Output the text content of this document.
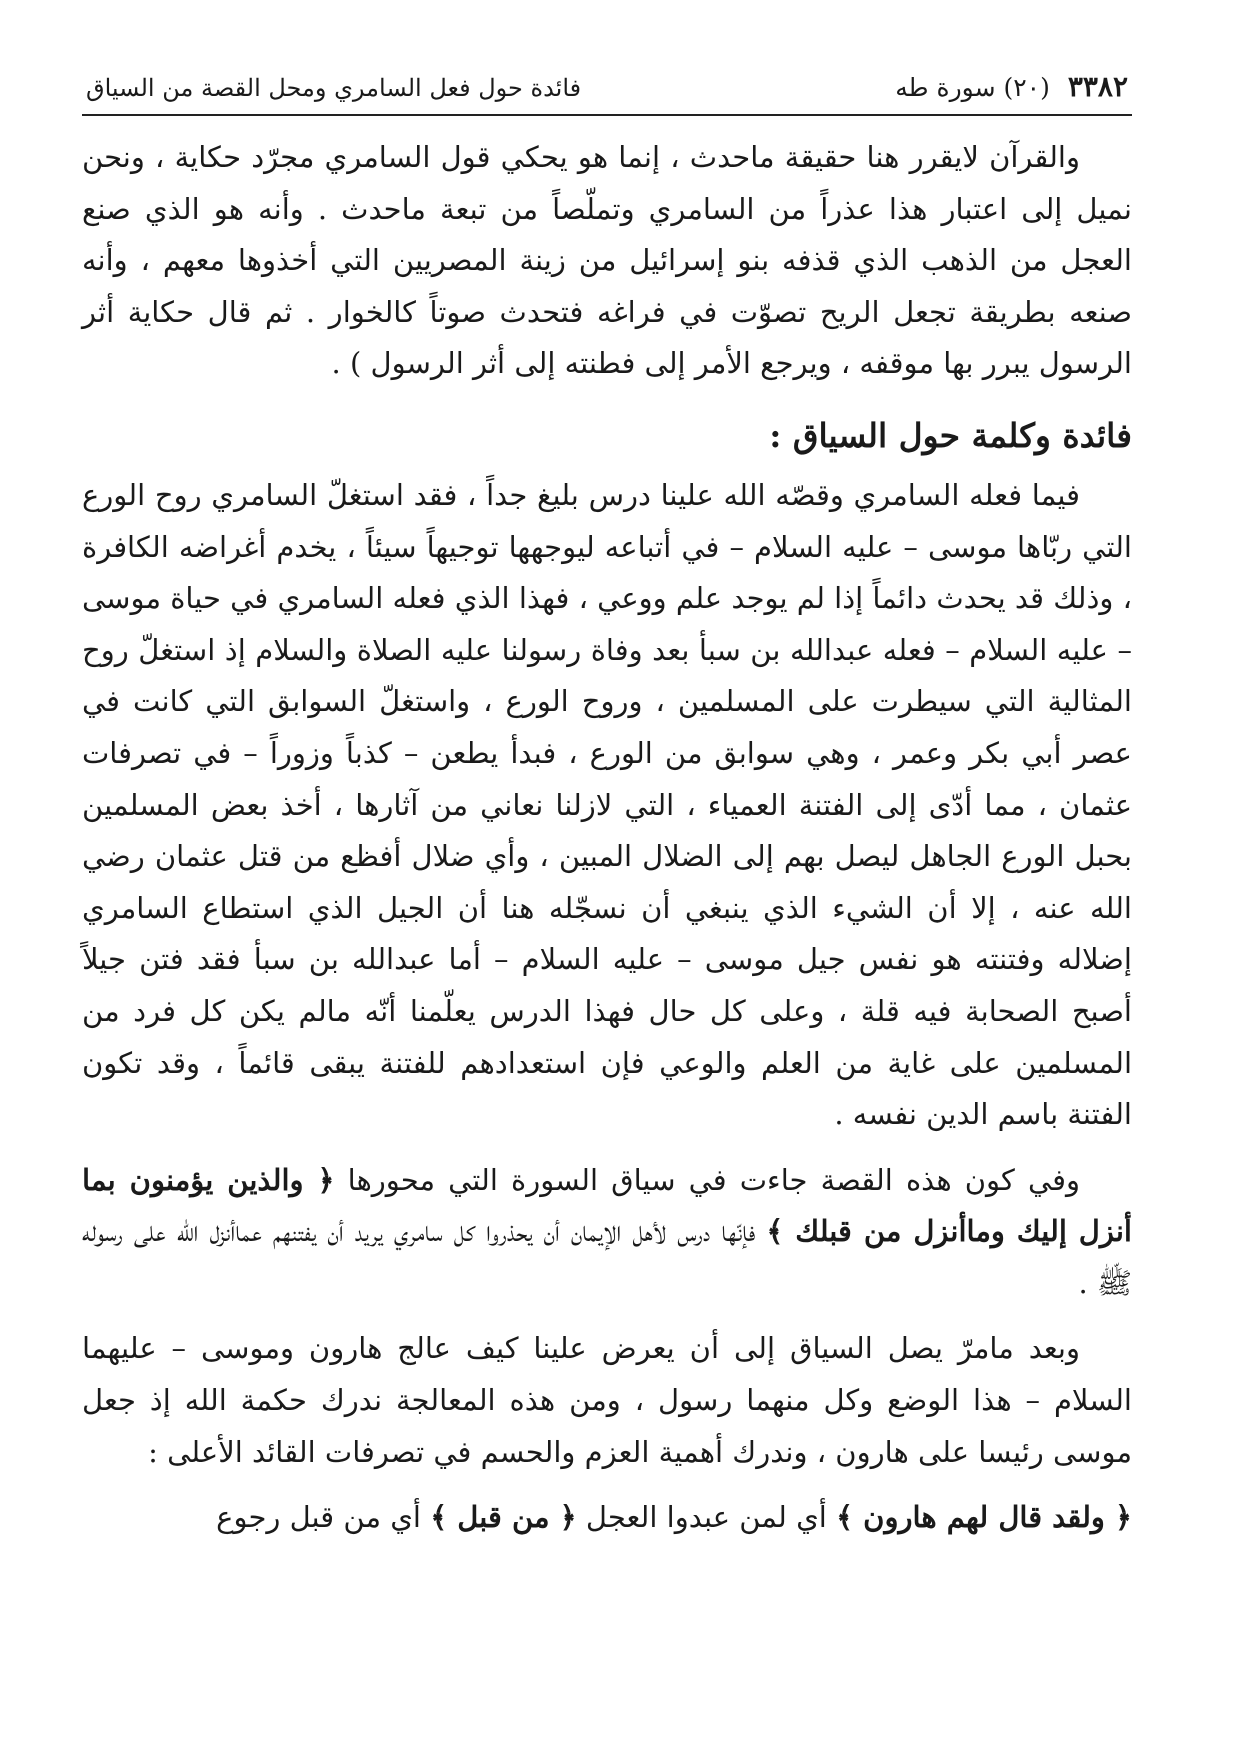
٣٣٨٢
(٢٠) سورة طه
فائدة حول فعل السامري ومحل القصة من السياق

والقرآن لايقرر هنا حقيقة ماحدث ، إنما هو يحكي قول السامري مجرّد حكاية ، ونحن نميل إلى اعتبار هذا عذراً من السامري وتملّصاً من تبعة ماحدث . وأنه هو الذي صنع العجل من الذهب الذي قذفه بنو إسرائيل من زينة المصريين التي أخذوها معهم ، وأنه صنعه بطريقة تجعل الريح تصوّت في فراغه فتحدث صوتاً كالخوار . ثم قال حكاية أثر الرسول يبرر بها موقفه ، ويرجع الأمر إلى فطنته إلى أثر الرسول ) .

فائدة وكلمة حول السياق :

فيما فعله السامري وقصّه الله علينا درس بليغ جداً ، فقد استغلّ السامري روح الورع التي ربّاها موسى – عليه السلام – في أتباعه ليوجهها توجيهاً سيئاً ، يخدم أغراضه الكافرة ، وذلك قد يحدث دائماً إذا لم يوجد علم ووعي ، فهذا الذي فعله السامري في حياة موسى – عليه السلام – فعله عبدالله بن سبأ بعد وفاة رسولنا عليه الصلاة والسلام إذ استغلّ روح المثالية التي سيطرت على المسلمين ، وروح الورع ، واستغلّ السوابق التي كانت في عصر أبي بكر وعمر ، وهي سوابق من الورع ، فبدأ يطعن – كذباً وزوراً – في تصرفات عثمان ، مما أدّى إلى الفتنة العمياء ، التي لازلنا نعاني من آثارها ، أخذ بعض المسلمين بحبل الورع الجاهل ليصل بهم إلى الضلال المبين ، وأي ضلال أفظع من قتل عثمان رضي الله عنه ، إلا أن الشيء الذي ينبغي أن نسجّله هنا أن الجيل الذي استطاع السامري إضلاله وفتنته هو نفس جيل موسى – عليه السلام – أما عبدالله بن سبأ فقد فتن جيلاً أصبح الصحابة فيه قلة ، وعلى كل حال فهذا الدرس يعلّمنا أنّه مالم يكن كل فرد من المسلمين على غاية من العلم والوعي فإن استعدادهم للفتنة يبقى قائماً ، وقد تكون الفتنة باسم الدين نفسه .

وفي كون هذه القصة جاءت في سياق السورة التي محورها ﴿ والذين يؤمنون بما أنزل إليك وماأنزل من قبلك ﴾ فإنّها درس لأهل الإيمان أن يحذروا كل سامري يريد أن يفتنهم عماأنزل الله على رسوله ﷺ .

وبعد مامرّ يصل السياق إلى أن يعرض علينا كيف عالج هارون وموسى – عليهما السلام – هذا الوضع وكل منهما رسول ، ومن هذه المعالجة ندرك حكمة الله إذ جعل موسى رئيسا على هارون ، وندرك أهمية العزم والحسم في تصرفات القائد الأعلى :

﴿ ولقد قال لهم هارون ﴾ أي لمن عبدوا العجل ﴿ من قبل ﴾ أي من قبل رجوع
